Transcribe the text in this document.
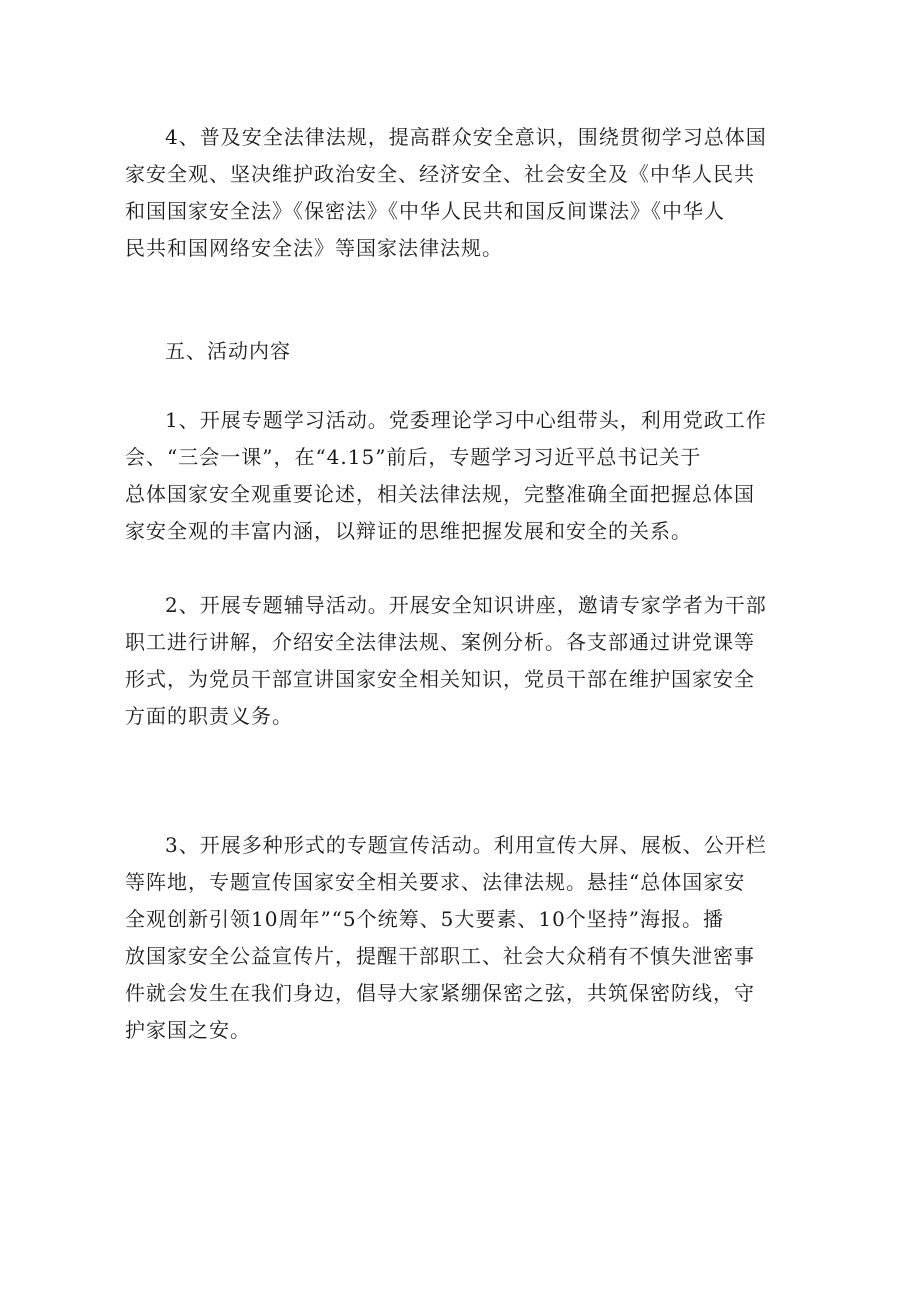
4、普及安全法律法规，提高群众安全意识，围绕贯彻学习总体国
家安全观、坚决维护政治安全、经济安全、社会安全及《中华人民共
和国国家安全法》《保密法》《中华人民共和国反间谍法》《中华人
民共和国网络安全法》等国家法律法规。
五、活动内容
1、开展专题学习活动。党委理论学习中心组带头，利用党政工作
会、“三会一课”，在“4.15”前后，专题学习习近平总书记关于
总体国家安全观重要论述，相关法律法规，完整准确全面把握总体国
家安全观的丰富内涵，以辩证的思维把握发展和安全的关系。
2、开展专题辅导活动。开展安全知识讲座，邀请专家学者为干部
职工进行讲解，介绍安全法律法规、案例分析。各支部通过讲党课等
形式，为党员干部宣讲国家安全相关知识，党员干部在维护国家安全
方面的职责义务。
3、开展多种形式的专题宣传活动。利用宣传大屏、展板、公开栏
等阵地，专题宣传国家安全相关要求、法律法规。悬挂“总体国家安
全观创新引领10周年”“5个统筹、5大要素、10个坚持”海报。播
放国家安全公益宣传片，提醒干部职工、社会大众稍有不慎失泄密事
件就会发生在我们身边，倡导大家紧绷保密之弦，共筑保密防线，守
护家国之安。
